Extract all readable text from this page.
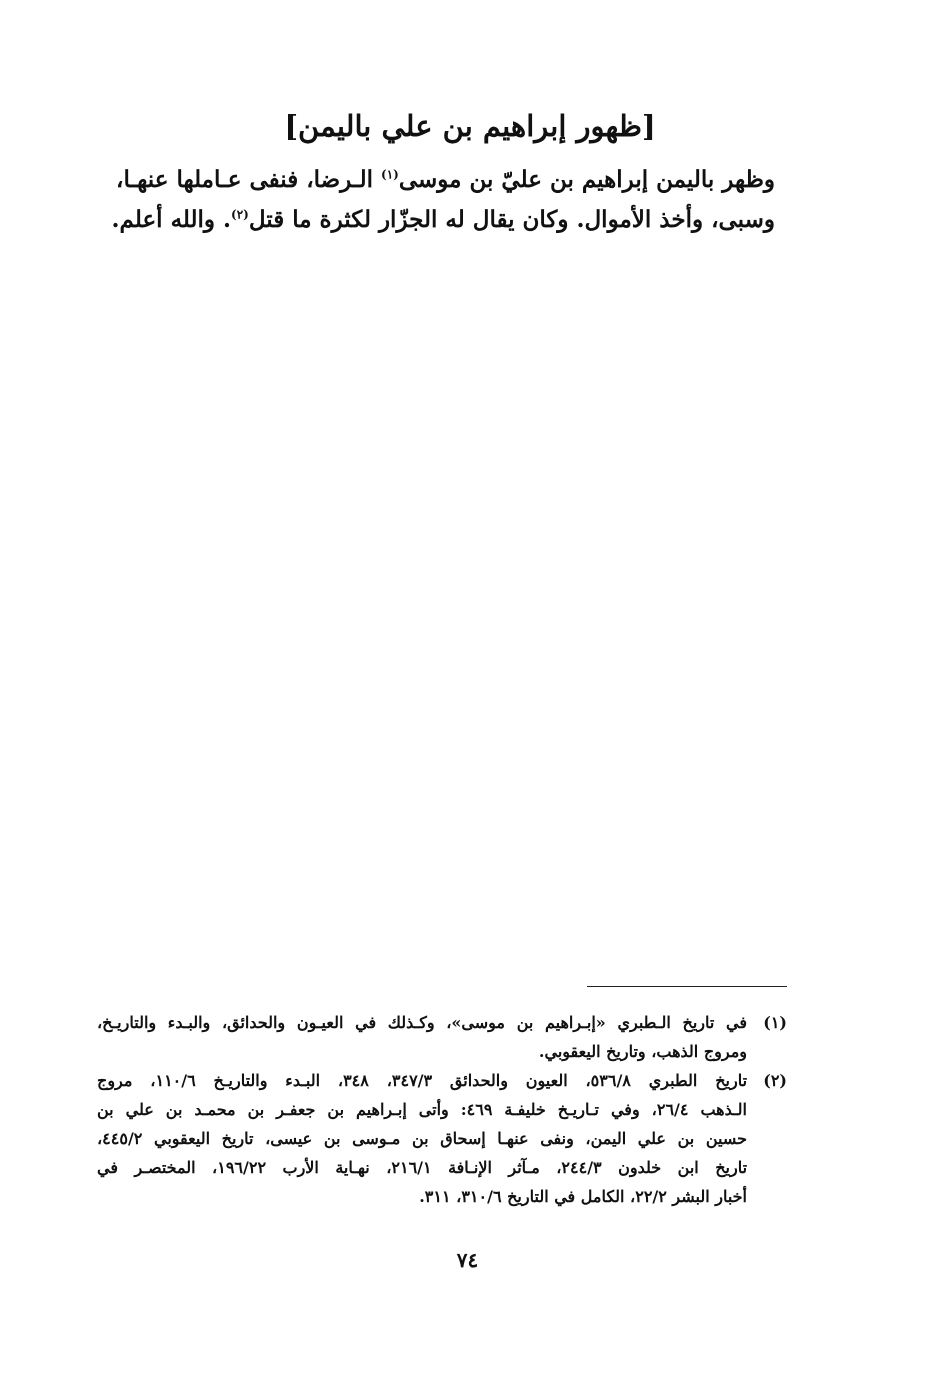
[ظهور إبراهيم بن علي باليمن]
وظهر باليمن إبراهيم بن عليّ بن موسى$^{(١)}$ الـرضا، فنفى عـاملها عنهـا،
وسبى، وأخذ الأموال. وكان يقال له الجزّار لكثرة ما قتل$^{(٢)}$. والله أعلم.
(١)
في تاريخ الـطبري «إبـراهيم بن موسى»، وكـذلك في العيـون والحدائق، والبـدء والتاريـخ،
ومروج الذهب، وتاريخ اليعقوبي.
(٢)
تاريخ الطبري ٥٣٦/٨، العيون والحدائق ٣٤٧/٣، ٣٤٨، البـدء والتاريـخ ١١٠/٦، مروج
الـذهب ٢٦/٤، وفي تـاريـخ خليفـة ٤٦٩: وأتى إبـراهيم بن جعفـر بن محمـد بن علي بن
حسين بن علي اليمن، ونفى عنهـا إسحاق بن مـوسى بن عيسى، تاريخ اليعقوبي ٤٤٥/٢،
تاريخ ابن خلدون ٢٤٤/٣، مـآثر الإنـافة ٢١٦/١، نهـاية الأرب ١٩٦/٢٢، المختصـر في
أخبار البشر ٢٢/٢، الكامل في التاريخ ٣١٠/٦، ٣١١.
٧٤
